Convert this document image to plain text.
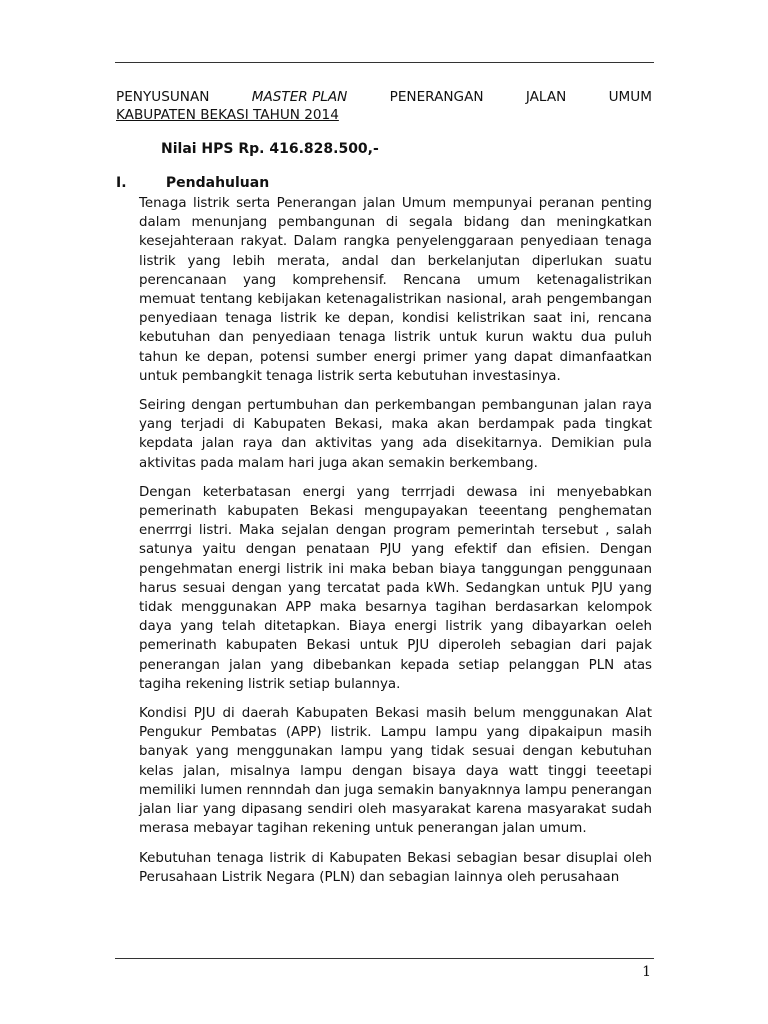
PENYUSUNAN	MASTER PLAN	PENERANGAN	JALAN	UMUM
KABUPATEN BEKASI TAHUN 2014
Nilai HPS Rp. 416.828.500,-
I.	Pendahuluan

Tenaga listrik serta Penerangan jalan Umum mempunyai peranan penting dalam menunjang pembangunan di segala bidang dan meningkatkan kesejahteraan rakyat. Dalam rangka penyelenggaraan penyediaan tenaga listrik yang lebih merata, andal dan berkelanjutan diperlukan suatu perencanaan yang komprehensif. Rencana umum ketenagalistrikan memuat tentang kebijakan ketenagalistrikan nasional, arah pengembangan penyediaan tenaga listrik ke depan, kondisi kelistrikan saat ini, rencana kebutuhan dan penyediaan tenaga listrik untuk kurun waktu dua puluh tahun ke depan, potensi sumber energi primer yang dapat dimanfaatkan untuk pembangkit tenaga listrik serta kebutuhan investasinya.

Seiring dengan pertumbuhan dan perkembangan pembangunan jalan raya yang terjadi di Kabupaten Bekasi, maka akan berdampak pada tingkat kepdata jalan raya dan aktivitas yang ada disekitarnya. Demikian pula aktivitas pada malam hari juga akan semakin berkembang.

Dengan keterbatasan energi yang terrrjadi dewasa ini menyebabkan pemerinath kabupaten Bekasi mengupayakan teeentang penghematan enerrrgi listri. Maka sejalan dengan program pemerintah tersebut , salah satunya yaitu dengan penataan PJU yang efektif dan efisien. Dengan pengehmatan energi listrik ini maka beban biaya tanggungan penggunaan harus sesuai dengan yang tercatat pada kWh. Sedangkan untuk PJU yang tidak menggunakan APP maka besarnya tagihan berdasarkan kelompok daya yang telah ditetapkan. Biaya energi listrik yang dibayarkan oeleh pemerinath kabupaten Bekasi untuk PJU diperoleh sebagian dari pajak penerangan jalan yang dibebankan kepada setiap pelanggan PLN atas tagiha rekening listrik setiap bulannya.

Kondisi PJU di daerah Kabupaten Bekasi masih belum menggunakan Alat Pengukur Pembatas (APP) listrik. Lampu lampu yang dipakaipun masih banyak yang menggunakan lampu yang tidak sesuai dengan kebutuhan kelas jalan, misalnya lampu dengan bisaya daya watt tinggi teeetapi memiliki lumen rennndah dan juga semakin banyaknnya lampu penerangan jalan liar yang dipasang sendiri oleh masyarakat karena masyarakat sudah merasa mebayar tagihan rekening untuk penerangan jalan umum.

Kebutuhan tenaga listrik di Kabupaten Bekasi sebagian besar disuplai oleh Perusahaan Listrik Negara (PLN) dan sebagian lainnya oleh perusahaan

1
